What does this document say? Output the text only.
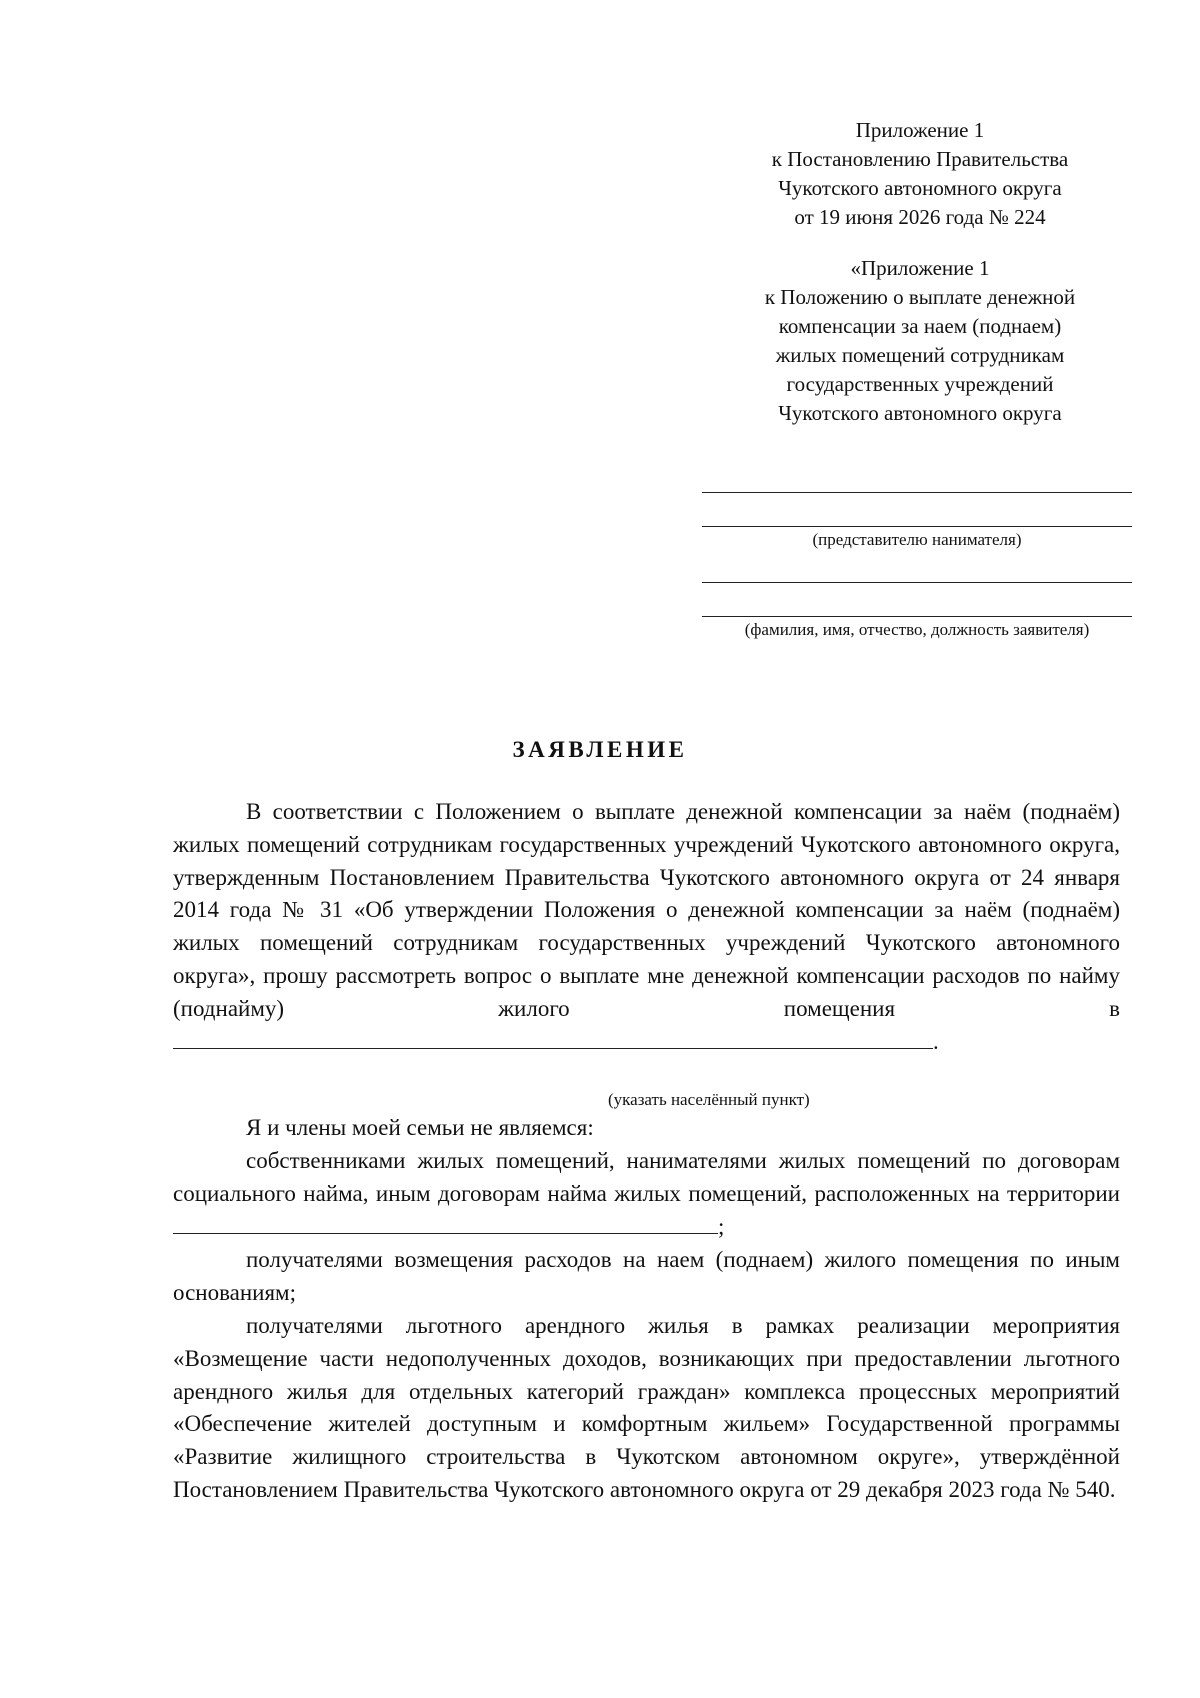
Приложение 1
к Постановлению Правительства
Чукотского автономного округа
от 19 июня 2026 года № 224
«Приложение 1
к Положению о выплате денежной
компенсации за наем (поднаем)
жилых помещений сотрудникам
государственных учреждений
Чукотского автономного округа
(представителю нанимателя)
(фамилия, имя, отчество, должность заявителя)
ЗАЯВЛЕНИЕ
В соответствии с Положением о выплате денежной компенсации за наём (поднаём) жилых помещений сотрудникам государственных учреждений Чукотского автономного округа, утвержденным Постановлением Правительства Чукотского автономного округа от 24 января 2014 года № 31 «Об утверждении Положения о денежной компенсации за наём (поднаём) жилых помещений сотрудникам государственных учреждений Чукотского автономного округа», прошу рассмотреть вопрос о выплате мне денежной компенсации расходов по найму (поднайму) жилого помещения в .
(указать населённый пункт)
Я и члены моей семьи не являемся:
собственниками жилых помещений, нанимателями жилых помещений по договорам социального найма, иным договорам найма жилых помещений, расположенных на территории ;
получателями возмещения расходов на наем (поднаем) жилого помещения по иным основаниям;
получателями льготного арендного жилья в рамках реализации мероприятия «Возмещение части недополученных доходов, возникающих при предоставлении льготного арендного жилья для отдельных категорий граждан» комплекса процессных мероприятий «Обеспечение жителей доступным и комфортным жильем» Государственной программы «Развитие жилищного строительства в Чукотском автономном округе», утверждённой Постановлением Правительства Чукотского автономного округа от 29 декабря 2023 года № 540.
